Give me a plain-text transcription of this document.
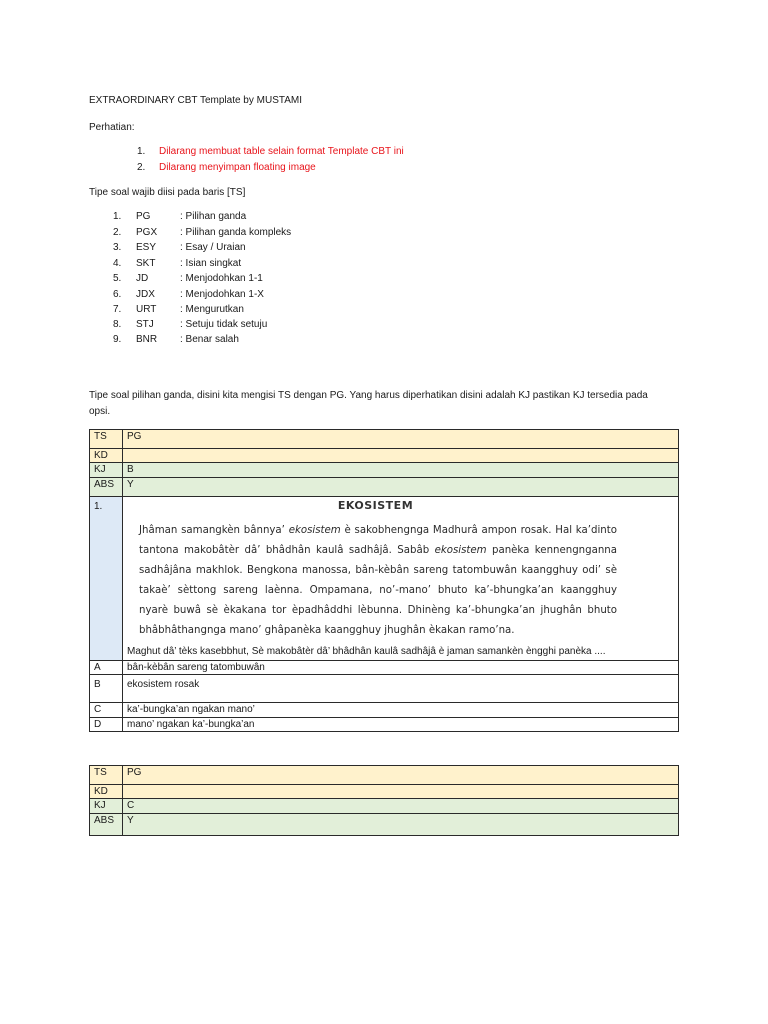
EXTRAORDINARY CBT Template by MUSTAMI
Perhatian:
1.	Dilarang membuat table selain format Template CBT ini
2.	Dilarang menyimpan floating image
Tipe soal wajib diisi pada baris [TS]
1.	PG	: Pilihan ganda
2.	PGX : Pilihan ganda kompleks
3.	ESY : Esay / Uraian
4.	SKT : Isian singkat
5.	JD	: Menjodohkan 1-1
6.	JDX	: Menjodohkan 1-X
7.	URT : Mengurutkan
8.	STJ	: Setuju tidak setuju
9.	BNR : Benar salah
Tipe soal pilihan ganda, disini kita mengisi TS dengan PG. Yang harus diperhatikan disini adalah KJ pastikan KJ tersedia pada
opsi.
TS	PG
KD	
KJ	B
ABS	Y
1.	EKOSISTEM
Jhâman samangkèn bânnya’ ekosistem è sakobhengnga Madhurâ ampon rosak. Hal ka’dinto tantona makobâtèr dâ’ bhâdhân kaulâ sadhâjâ. Sabâb ekosistem panèka kennengnganna sadhâjâna makhlok. Bengkona manossa, bân-kèbân sareng tatombuwân kaangghuy odi’ sè takaè’ sèttong sareng laènna. Ompamana, no’-mano’ bhuto ka’-bhungka’an kaangghuy nyarè buwâ sè èkakana tor èpadhâddhi lèbunna. Dhinèng ka’-bhungka’an jhughân bhuto bhâbhâthangnga mano’ ghâpanèka kaangghuy jhughân èkakan ramo’na.
Maghut dâ’ tèks kasebbhut, Sè makobâtèr dâ’ bhâdhân kaulâ sadhâjâ è jaman samankèn èngghi panèka ....

A	bân-kèbân sareng tatombuwân
B	ekosistem rosak
C	ka’-bungka’an ngakan mano’
D	mano’ ngakan ka’-bungka’an
TS	PG
KD	
KJ	C
ABS	Y
